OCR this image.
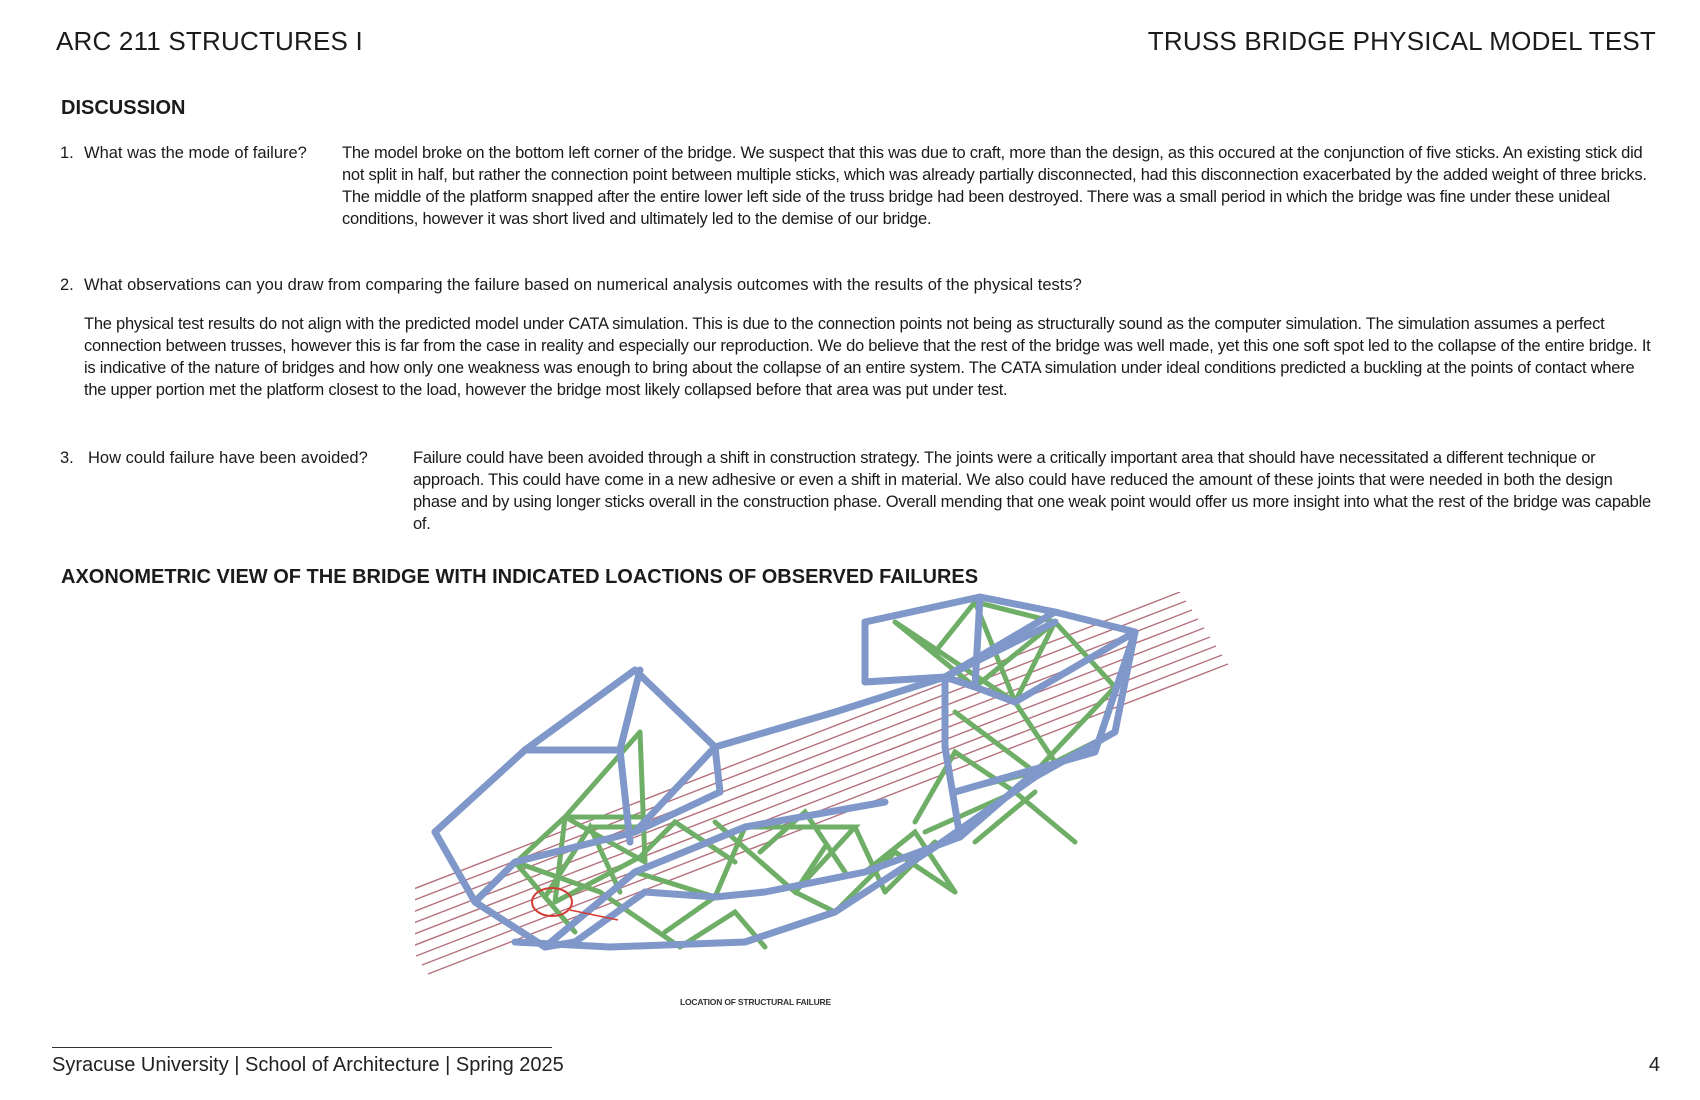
ARC 211 STRUCTURES I	TRUSS BRIDGE PHYSICAL MODEL TEST
DISCUSSION
1. What was the mode of failure? The model broke on the bottom left corner of the bridge. We suspect that this was due to craft, more than the design, as this occured at the conjunction of five sticks. An existing stick did not split in half, but rather the connection point between multiple sticks, which was already partially disconnected, had this disconnection exacerbated by the added weight of three bricks. The middle of the platform snapped after the entire lower left side of the truss bridge had been destroyed. There was a small period in which the bridge was fine under these unideal conditions, however it was short lived and ultimately led to the demise of our bridge.
2. What observations can you draw from comparing the failure based on numerical analysis outcomes with the results of the physical tests?
The physical test results do not align with the predicted model under CATA simulation. This is due to the connection points not being as structurally sound as the computer simulation. The simulation assumes a perfect connection between trusses, however this is far from the case in reality and especially our reproduction. We do believe that the rest of the bridge was well made, yet this one soft spot led to the collapse of the entire bridge. It is indicative of the nature of bridges and how only one weakness was enough to bring about the collapse of an entire system. The CATA simulation under ideal conditions predicted a buckling at the points of contact where the upper portion met the platform closest to the load, however the bridge most likely collapsed before that area was put under test.
3. How could failure have been avoided?	Failure could have been avoided through a shift in construction strategy. The joints were a critically important area that should have necessitated a different technique or approach. This could have come in a new adhesive or even a shift in material. We also could have reduced the amount of these joints that were needed in both the design phase and by using longer sticks overall in the construction phase. Overall mending that one weak point would offer us more insight into what the rest of the bridge was capable of.
AXONOMETRIC VIEW OF THE BRIDGE WITH INDICATED LOACTIONS OF OBSERVED FAILURES
LOCATION OF STRUCTURAL FAILURE
Syracuse University | School of Architecture | Spring 2025	4
